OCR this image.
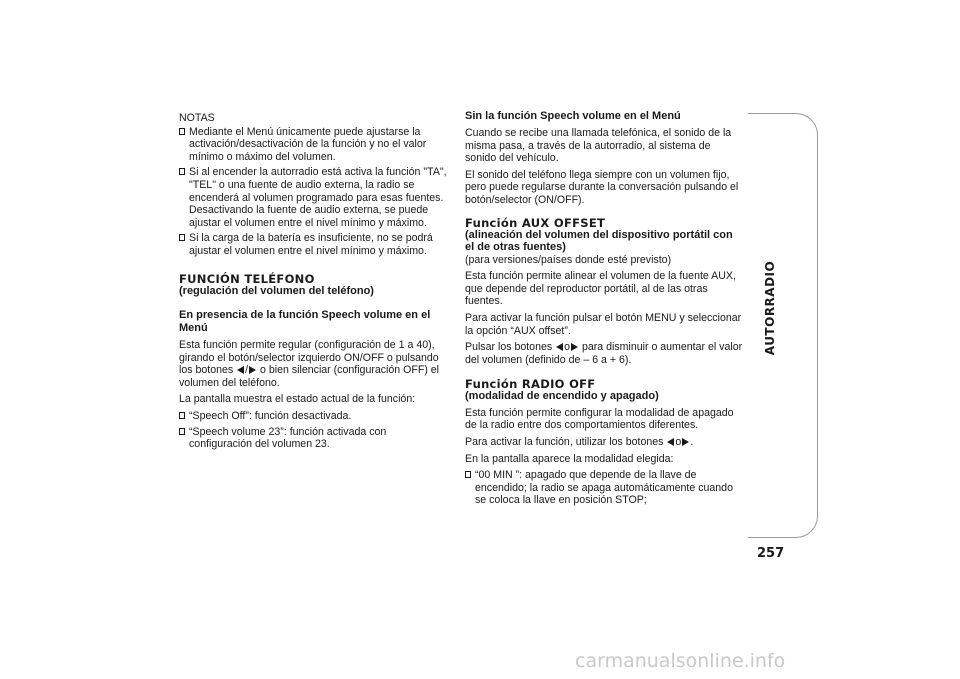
NOTAS

Mediante el Menú únicamente puede ajustarse la activación/desactivación de la función y no el valor mínimo o máximo del volumen.
Si al encender la autorradio está activa la función "TA", "TEL" o una fuente de audio externa, la radio se encenderá al volumen programado para esas fuentes. Desactivando la fuente de audio externa, se puede ajustar el volumen entre el nivel mínimo y máximo.
Si la carga de la batería es insuficiente, no se podrá ajustar el volumen entre el nivel mínimo y máximo.
FUNCIÓN TELÉFONO
(regulación del volumen del teléfono)
En presencia de la función Speech volume en el Menú

Esta función permite regular (configuración de 1 a 40), girando el botón/selector izquierdo ON/OFF o pulsando los botones / o bien silenciar (configuración OFF) el volumen del teléfono.

La pantalla muestra el estado actual de la función:

“Speech Off”: función desactivada.
“Speech volume 23”: función activada con configuración del volumen 23.
Sin la función Speech volume en el Menú

Cuando se recibe una llamada telefónica, el sonido de la misma pasa, a través de la autorradio, al sistema de sonido del vehículo.

El sonido del teléfono llega siempre con un volumen fijo, pero puede regularse durante la conversación pulsando el botón/selector (ON/OFF).

Función AUX OFFSET
(alineación del volumen del dispositivo portátil con el de otras fuentes)

(para versiones/países donde esté previsto)

Esta función permite alinear el volumen de la fuente AUX, que depende del reproductor portátil, al de las otras fuentes.

Para activar la función pulsar el botón MENU y seleccionar la opción “AUX offset”.

Pulsar los botones o para disminuir o aumentar el valor del volumen (definido de – 6 a + 6).

Función RADIO OFF
(modalidad de encendido y apagado)

Esta función permite configurar la modalidad de apagado de la radio entre dos comportamientos diferentes.

Para activar la función, utilizar los botones o .

En la pantalla aparece la modalidad elegida:

“00 MIN ”: apagado que depende de la llave de encendido; la radio se apaga automáticamente cuando se coloca la llave en posición STOP;
AUTORRADIO
257
carmanualsonline.info
